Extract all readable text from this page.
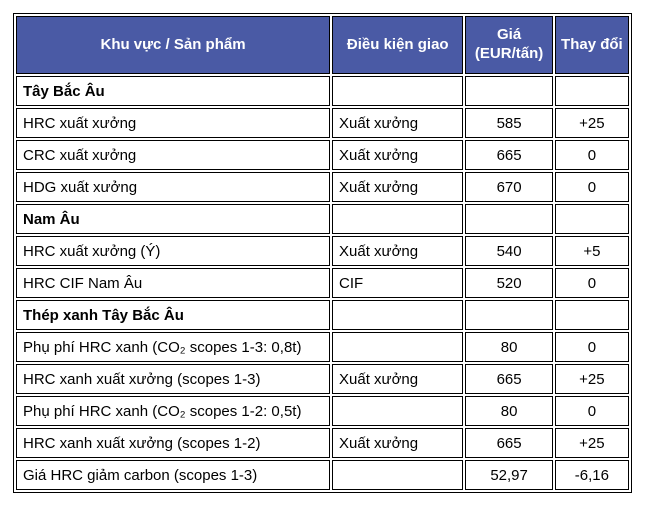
Khu vực / Sản phẩm	Điều kiện giao	Giá (EUR/tấn)	Thay đổi
Tây Bắc Âu			
HRC xuất xưởng	Xuất xưởng	585	+25
CRC xuất xưởng	Xuất xưởng	665	0
HDG xuất xưởng	Xuất xưởng	670	0
Nam Âu			
HRC xuất xưởng (Ý)	Xuất xưởng	540	+5
HRC CIF Nam Âu	CIF	520	0
Thép xanh Tây Bắc Âu			
Phụ phí HRC xanh (CO₂ scopes 1-3: 0,8t)		80	0
HRC xanh xuất xưởng (scopes 1-3)	Xuất xưởng	665	+25
Phụ phí HRC xanh (CO₂ scopes 1-2: 0,5t)		80	0
HRC xanh xuất xưởng (scopes 1-2)	Xuất xưởng	665	+25
Giá HRC giảm carbon (scopes 1-3)		52,97	-6,16
